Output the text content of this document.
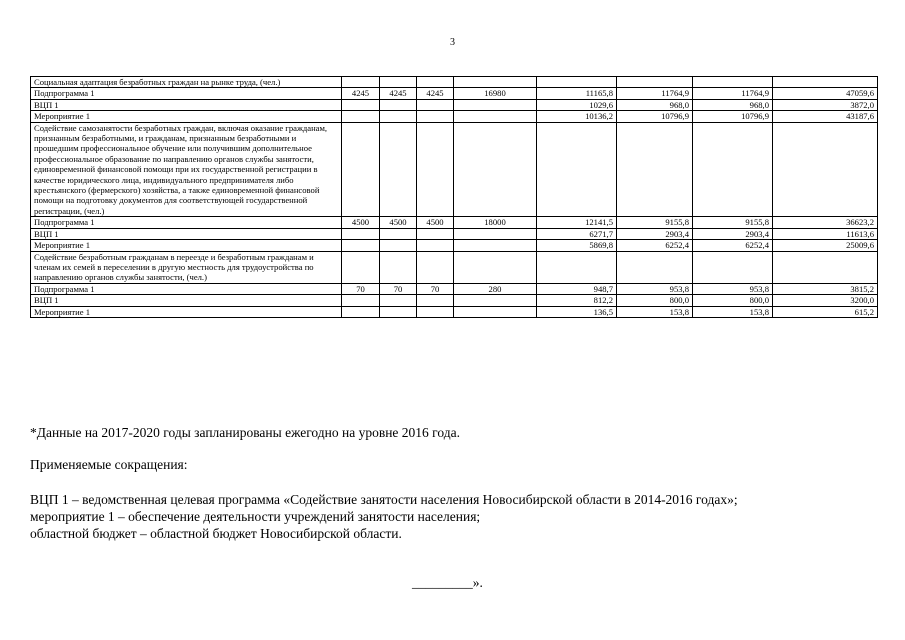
3
Социальная адаптация безработных граждан на рынке труда, (чел.)								
Подпрограмма 1	4245	4245	4245	16980	11165,8	11764,9	11764,9	47059,6
ВЦП 1					1029,6	968,0	968,0	3872,0
Мероприятие 1					10136,2	10796,9	10796,9	43187,6
Содействие самозанятости безработных граждан, включая оказание гражданам, признанным безработными, и гражданам, признанным безработными и прошедшим профессиональное обучение или получившим дополнительное профессиональное образование по направлению органов службы занятости, единовременной финансовой помощи при их государственной регистрации в качестве юридического лица, индивидуального предпринимателя либо крестьянского (фермерского) хозяйства, а также единовременной финансовой помощи на подготовку документов для соответствующей государственной регистрации, (чел.)								
Подпрограмма 1	4500	4500	4500	18000	12141,5	9155,8	9155,8	36623,2
ВЦП 1					6271,7	2903,4	2903,4	11613,6
Мероприятие 1					5869,8	6252,4	6252,4	25009,6
Содействие безработным гражданам в переезде и безработным гражданам и членам их семей в переселении в другую местность для трудоустройства по направлению органов службы занятости, (чел.)								
Подпрограмма 1	70	70	70	280	948,7	953,8	953,8	3815,2
ВЦП 1					812,2	800,0	800,0	3200,0
Мероприятие 1					136,5	153,8	153,8	615,2
*Данные на 2017-2020 годы запланированы ежегодно на уровне 2016 года.
Применяемые сокращения:
ВЦП 1 – ведомственная целевая программа «Содействие занятости населения Новосибирской области в 2014-2016 годах»;
мероприятие 1 – обеспечение деятельности учреждений занятости населения;
областной бюджет – областной бюджет Новосибирской области.
_________».
